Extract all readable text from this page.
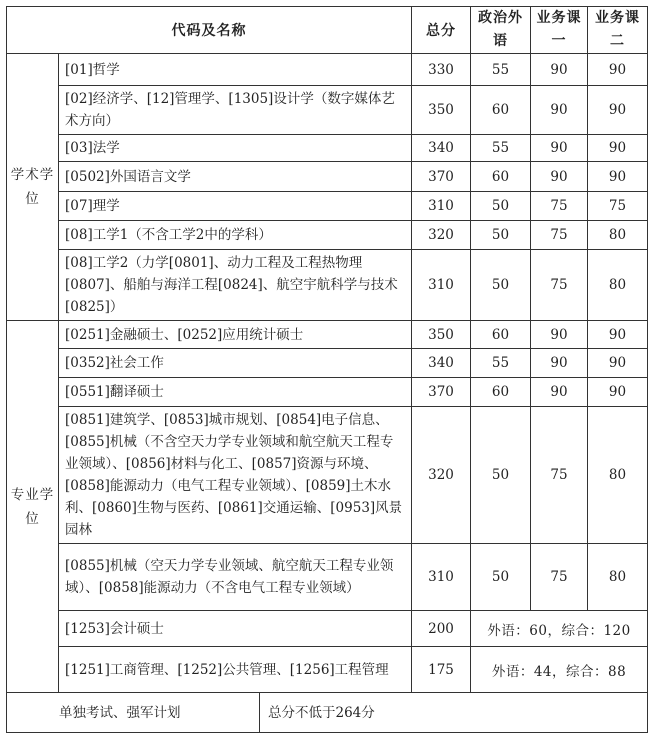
代码及名称			总分	政治外语	业务课一	业务课二
学术学位	[01]哲学		330	55	90	90
	[02]经济学、[12]管理学、[1305]设计学（数字媒体艺术方向）		350	60	90	90
	[03]法学		340	55	90	90
	[0502]外国语言文学		370	60	90	90
	[07]理学		310	50	75	75
	[08]工学1（不含工学2中的学科）		320	50	75	80
	[08]工学2（力学[0801]、动力工程及工程热物理[0807]、船舶与海洋工程[0824]、航空宇航科学与技术[0825]）		310	50	75	80
专业学位	[0251]金融硕士、[0252]应用统计硕士		350	60	90	90
	[0352]社会工作		340	55	90	90
	[0551]翻译硕士		370	60	90	90
	[0851]建筑学、[0853]城市规划、[0854]电子信息、[0855]机械（不含空天力学专业领域和航空航天工程专业领域）、[0856]材料与化工、[0857]资源与环境、[0858]能源动力（电气工程专业领域）、[0859]土木水利、[0860]生物与医药、[0861]交通运输、[0953]风景园林		320	50	75	80
	[0855]机械（空天力学专业领域、航空航天工程专业领域）、[0858]能源动力（不含电气工程专业领域）		310	50	75	80
	[1253]会计硕士		200	外语：60，综合：120		
	[1251]工商管理、[1252]公共管理、[1256]工程管理		175	外语：44，综合：88		
单独考试、强军计划		总分不低于264分				
